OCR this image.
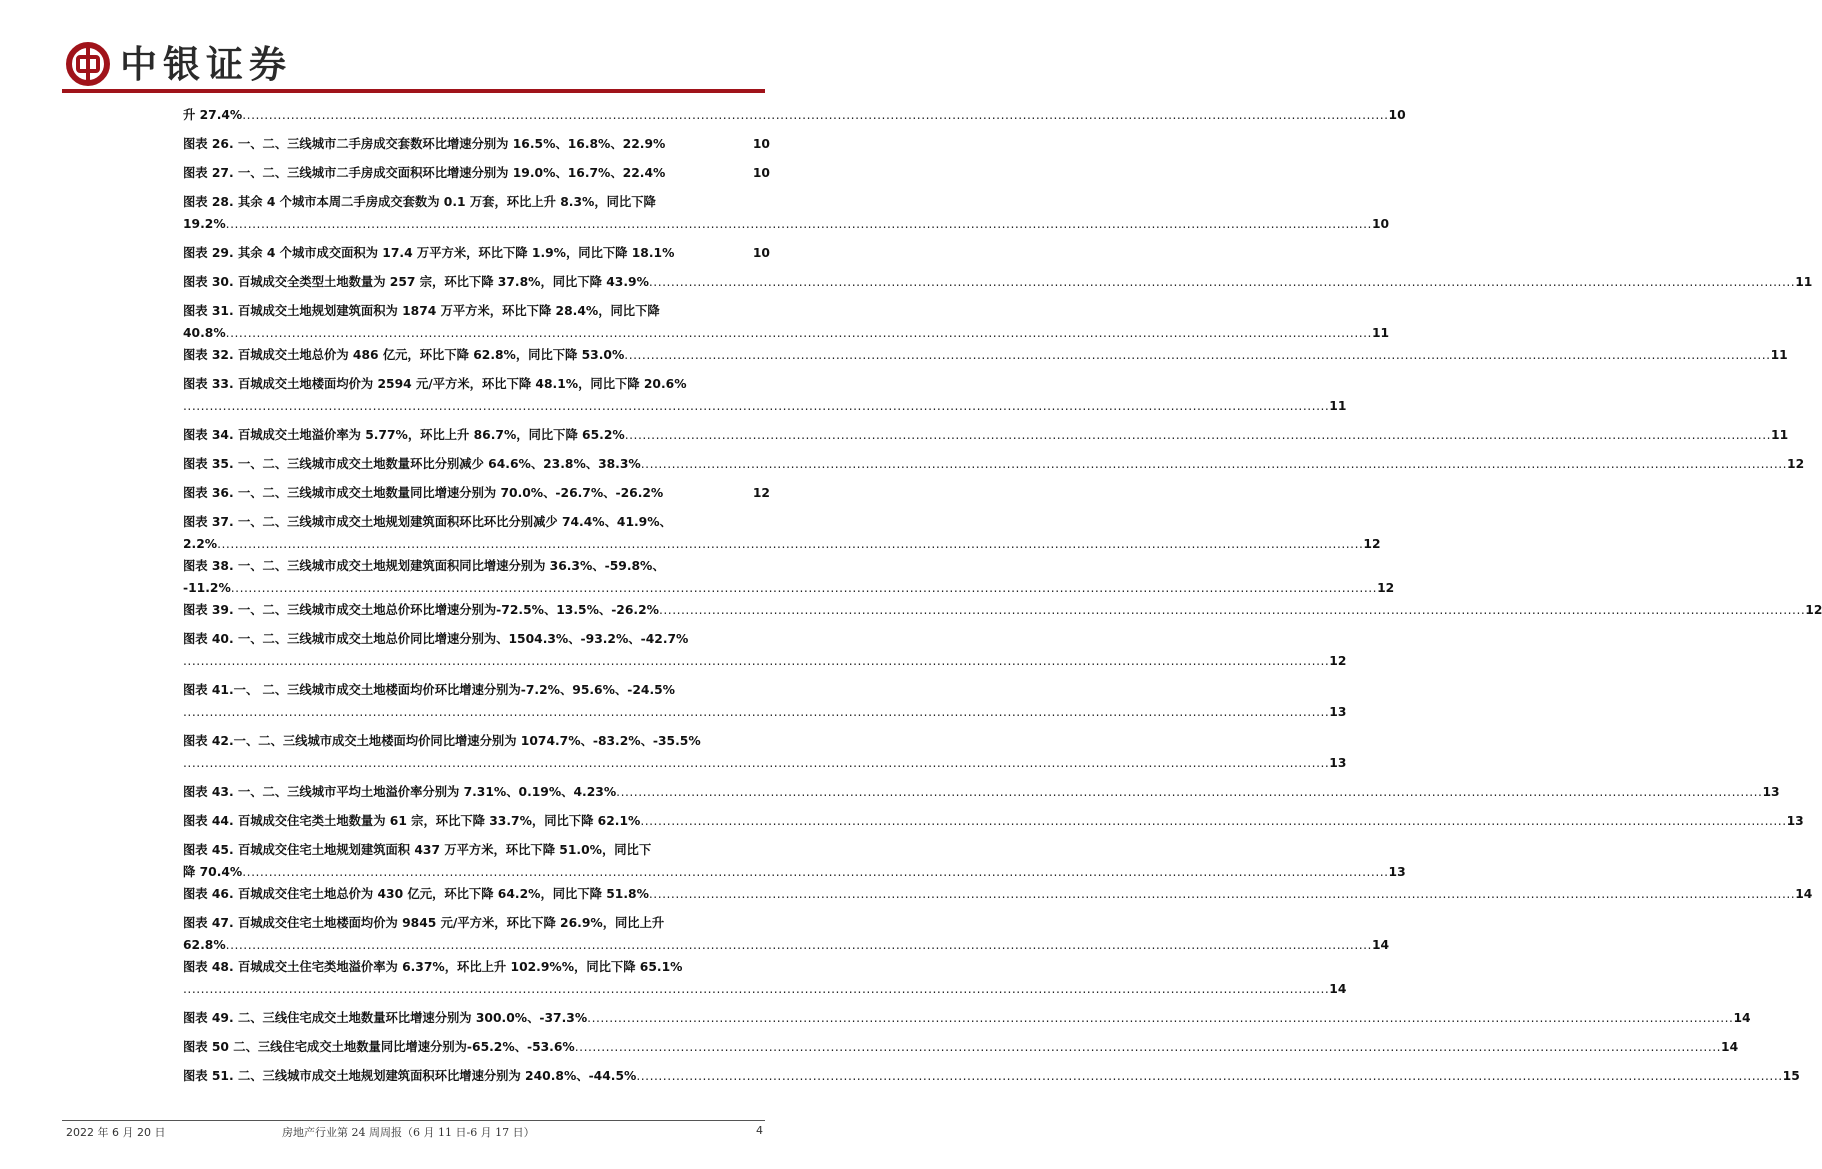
中银证券
升 27.4% .................................................................................................................................................................................................................................................................... 10
图表 26. 一、二、三线城市二手房成交套数环比增速分别为 16.5%、16.8%、22.9%	10
图表 27. 一、二、三线城市二手房成交面积环比增速分别为 19.0%、16.7%、22.4%	10
图表 28. 其余 4 个城市本周二手房成交套数为 0.1 万套，环比上升 8.3%，同比下降
19.2% .................................................................................................................................................................................................................................................................... 10
图表 29. 其余 4 个城市成交面积为 17.4 万平方米，环比下降 1.9%，同比下降 18.1%	10
图表 30. 百城成交全类型土地数量为 257 宗，环比下降 37.8%，同比下降 43.9% .................................................................................................................................................................................................................................................................... 11
图表 31. 百城成交土地规划建筑面积为 1874 万平方米，环比下降 28.4%，同比下降
40.8% .................................................................................................................................................................................................................................................................... 11
图表 32. 百城成交土地总价为 486 亿元，环比下降 62.8%，同比下降 53.0% .................................................................................................................................................................................................................................................................... 11
图表 33. 百城成交土地楼面均价为 2594 元/平方米，环比下降 48.1%，同比下降 20.6%
.................................................................................................................................................................................................................................................................... 11
图表 34. 百城成交土地溢价率为 5.77%，环比上升 86.7%，同比下降 65.2% .................................................................................................................................................................................................................................................................... 11
图表 35. 一、二、三线城市成交土地数量环比分别减少 64.6%、23.8%、38.3% .................................................................................................................................................................................................................................................................... 12
图表 36. 一、二、三线城市成交土地数量同比增速分别为 70.0%、-26.7%、-26.2%	12
图表 37. 一、二、三线城市成交土地规划建筑面积环比环比分别减少 74.4%、41.9%、
2.2% .................................................................................................................................................................................................................................................................... 12
图表 38. 一、二、三线城市成交土地规划建筑面积同比增速分别为 36.3%、-59.8%、
-11.2% .................................................................................................................................................................................................................................................................... 12
图表 39. 一、二、三线城市成交土地总价环比增速分别为-72.5%、13.5%、-26.2% .................................................................................................................................................................................................................................................................... 12
图表 40. 一、二、三线城市成交土地总价同比增速分别为、1504.3%、-93.2%、-42.7%
.................................................................................................................................................................................................................................................................... 12
图表 41.一、 二、三线城市成交土地楼面均价环比增速分别为-7.2%、95.6%、-24.5%
.................................................................................................................................................................................................................................................................... 13
图表 42.一、二、三线城市成交土地楼面均价同比增速分别为 1074.7%、-83.2%、-35.5%
.................................................................................................................................................................................................................................................................... 13
图表 43. 一、二、三线城市平均土地溢价率分别为 7.31%、0.19%、4.23% .................................................................................................................................................................................................................................................................... 13
图表 44. 百城成交住宅类土地数量为 61 宗，环比下降 33.7%，同比下降 62.1% .................................................................................................................................................................................................................................................................... 13
图表 45. 百城成交住宅土地规划建筑面积 437 万平方米，环比下降 51.0%，同比下
降 70.4% .................................................................................................................................................................................................................................................................... 13
图表 46. 百城成交住宅土地总价为 430 亿元，环比下降 64.2%，同比下降 51.8% .................................................................................................................................................................................................................................................................... 14
图表 47. 百城成交住宅土地楼面均价为 9845 元/平方米，环比下降 26.9%，同比上升
62.8% .................................................................................................................................................................................................................................................................... 14
图表 48. 百城成交土住宅类地溢价率为 6.37%，环比上升 102.9%%，同比下降 65.1%
.................................................................................................................................................................................................................................................................... 14
图表 49. 二、三线住宅成交土地数量环比增速分别为 300.0%、-37.3% .................................................................................................................................................................................................................................................................... 14
图表 50 二、三线住宅成交土地数量同比增速分别为-65.2%、-53.6% .................................................................................................................................................................................................................................................................... 14
图表 51. 二、三线城市成交土地规划建筑面积环比增速分别为 240.8%、-44.5% .................................................................................................................................................................................................................................................................... 15
2022 年 6 月 20 日	房地产行业第 24 周周报（6 月 11 日-6 月 17 日）	4
